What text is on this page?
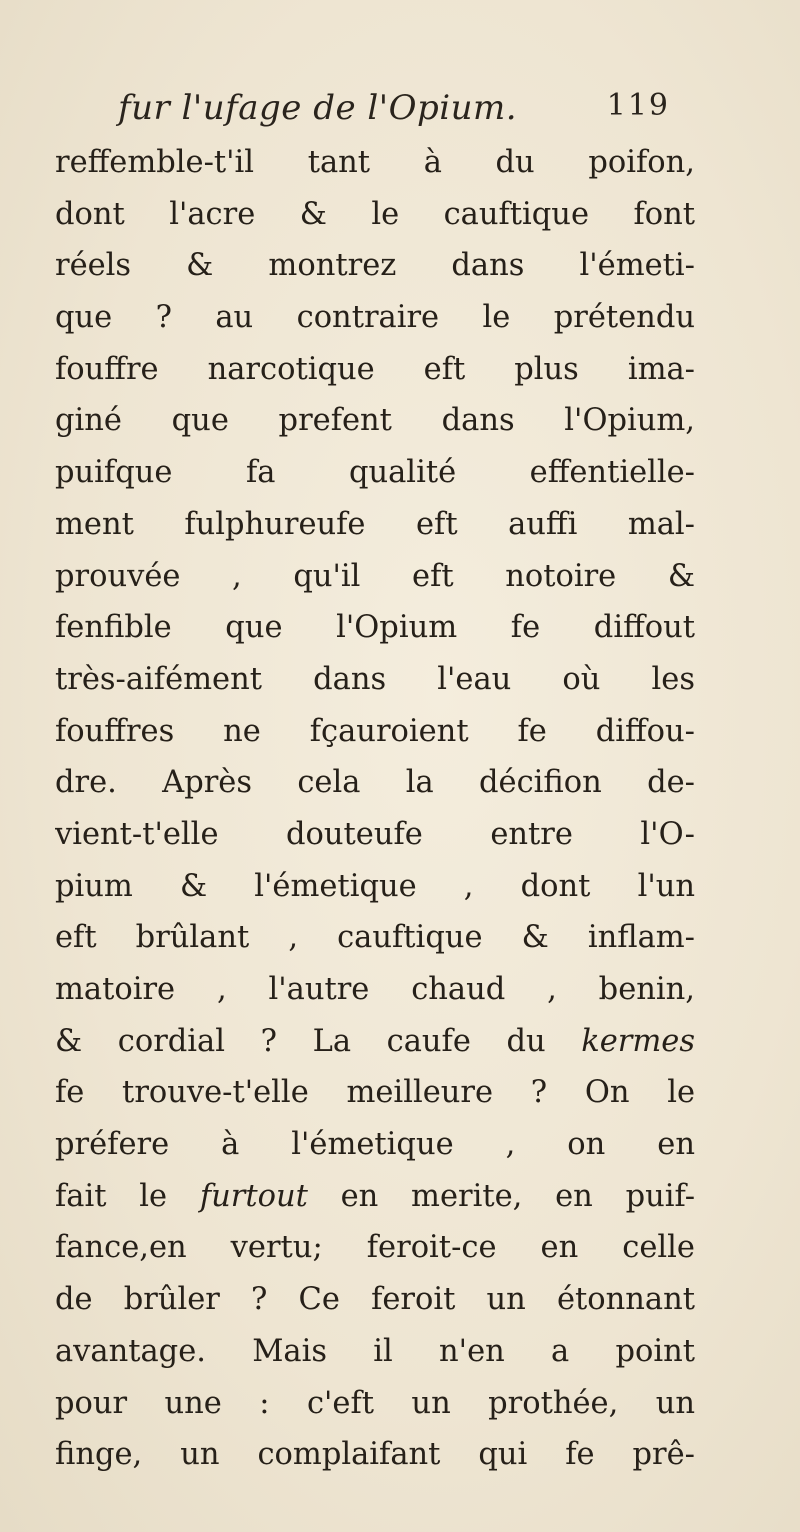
fur l'ufage de l'Opium.	119
reffemble-t'il tant à du poifon,
dont l'acre & le cauftique font
réels & montrez dans l'émeti-
que ? au contraire le prétendu
fouffre narcotique eft plus ima-
giné que prefent dans l'Opium,
puifque fa qualité effentielle-
ment fulphureufe eft auffi mal-
prouvée , qu'il eft notoire &
fenfible que l'Opium fe diffout
très-aifément dans l'eau où les
fouffres ne fçauroient fe diffou-
dre. Après cela la décifion de-
vient-t'elle douteufe entre l'O-
pium & l'émetique , dont l'un
eft brûlant , cauftique & inflam-
matoire , l'autre chaud , benin,
& cordial ? La caufe du kermes
fe trouve-t'elle meilleure ? On le
préfere à l'émetique , on en
fait le furtout en merite, en puif-
fance,en vertu; feroit-ce en celle
de brûler ? Ce feroit un étonnant
avantage. Mais il n'en a point
pour une : c'eft un prothée, un
finge, un complaifant qui fe prê-
